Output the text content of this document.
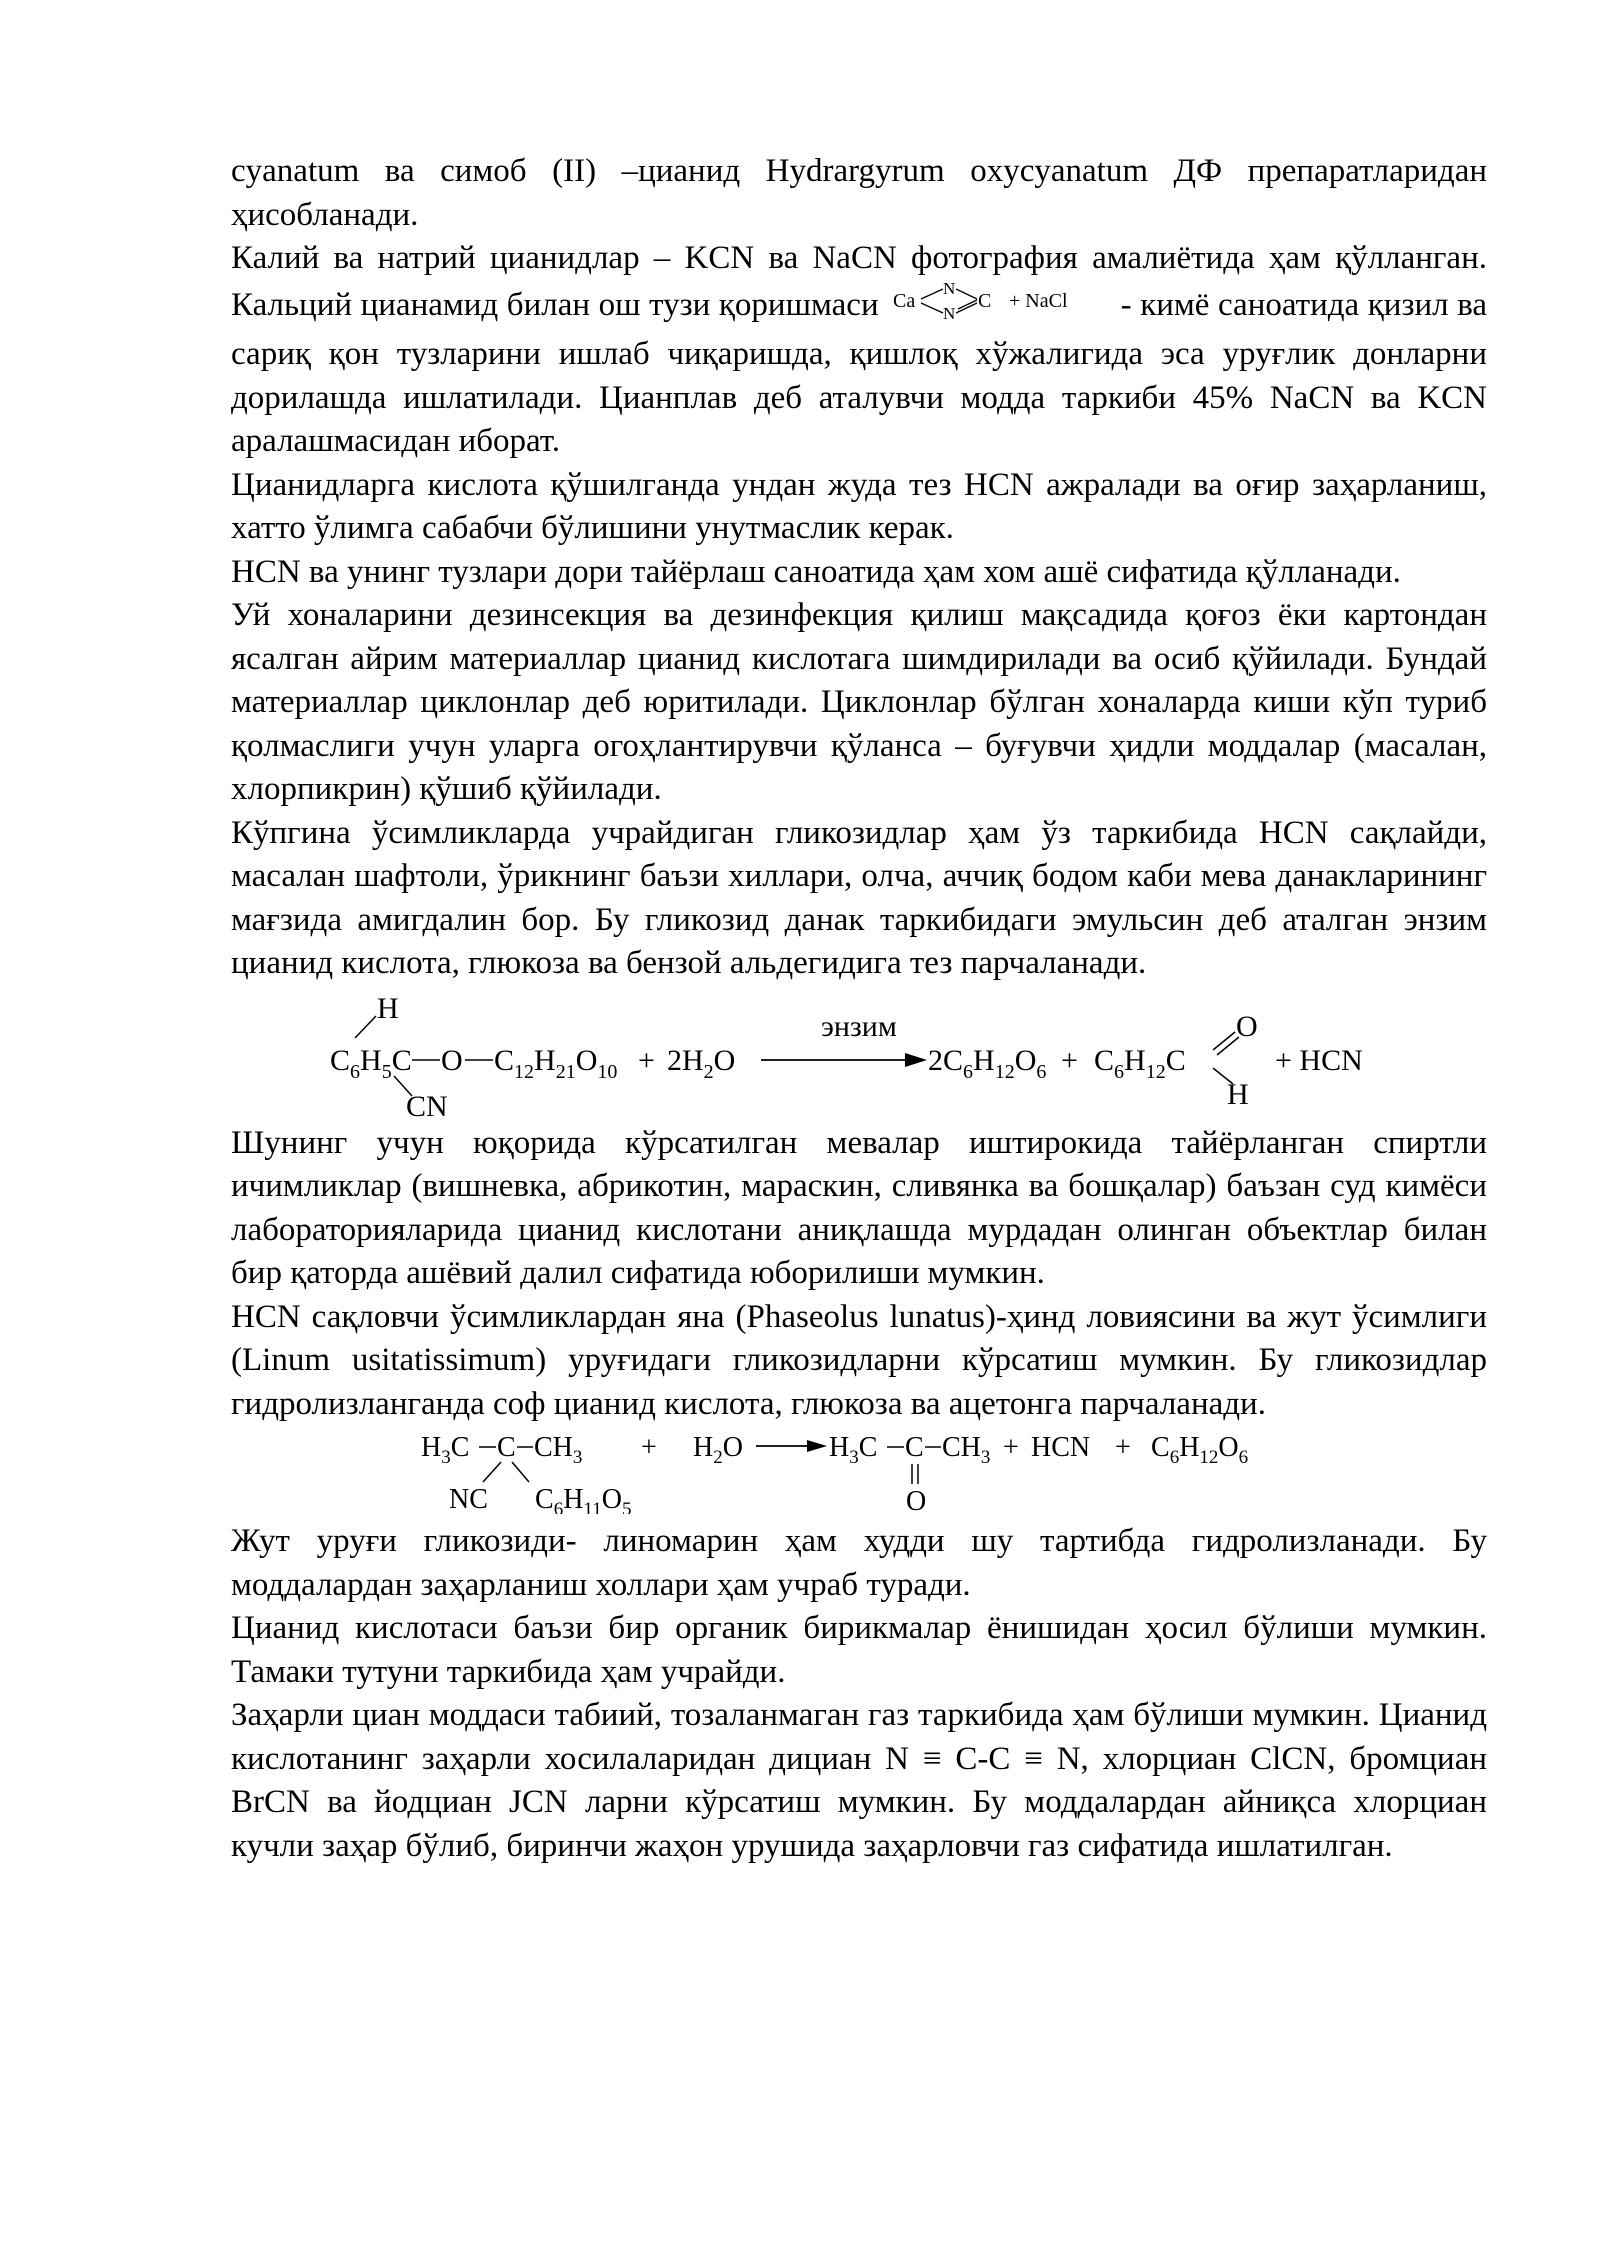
cyanatum ва симоб (II) –цианид Hydrargyrum oxycyanatum ДФ препаратларидан ҳисобланади.

Калий ва натрий цианидлар – KCN ва NaCN фотография амалиётида ҳам қўлланган. Кальций цианамид билан ош тузи қоришмаси Ca
N
N
C + NaCl - кимё саноатида қизил ва сариқ қон тузларини ишлаб чиқаришда, қишлоқ хўжалигида эса уруғлик донларни дорилашда ишлатилади. Цианплав деб аталувчи модда таркиби 45% NaCN ва KCN аралашмасидан иборат.

Цианидларга кислота қўшилганда ундан жуда тез HCN ажралади ва оғир заҳарланиш, хатто ўлимга сабабчи бўлишини унутмаслик керак.

HCN ва унинг тузлари дори тайёрлаш саноатида ҳам хом ашё сифатида қўлланади.

Уй хоналарини дезинсекция ва дезинфекция қилиш мақсадида қоғоз ёки картондан ясалган айрим материаллар цианид кислотага шимдирилади ва осиб қўйилади. Бундай материаллар циклонлар деб юритилади. Циклонлар бўлган хоналарда киши кўп туриб қолмаслиги учун уларга огоҳлантирувчи қўланса – буғувчи ҳидли моддалар (масалан, хлорпикрин) қўшиб қўйилади.

Кўпгина ўсимликларда учрайдиган гликозидлар ҳам ўз таркибида HCN сақлайди, масалан шафтоли, ўрикнинг баъзи хиллари, олча, аччиқ бодом каби мева данакларининг мағзида амигдалин бор. Бу гликозид данак таркибидаги эмульсин деб аталган энзим цианид кислота, глюкоза ва бензой альдегидига тез парчаланади.

H
$C_6H_5C$ O $C_{12}H_{21}O_{10}$
CN
+ $2H_2O$
энзим
$2C_6H_{12}O_6 + C_6H_{12}C$
O
H
+ HCN

Шунинг учун юқорида кўрсатилган мевалар иштирокида тайёрланган спиртли ичимликлар (вишневка, абрикотин, мараскин, сливянка ва бошқалар) баъзан суд кимёси лабораторияларида цианид кислотани аниқлашда мурдадан олинган объектлар билан бир қаторда ашёвий далил сифатида юборилиши мумкин.

HCN сақловчи ўсимликлардан яна (Phaseolus lunatus)-ҳинд ловиясини ва жут ўсимлиги (Linum usitatissimum) уруғидаги гликозидларни кўрсатиш мумкин. Бу гликозидлар гидролизланганда соф цианид кислота, глюкоза ва ацетонга парчаланади.

$H_3C$ C $CH_3$
NC $C_6H_{11}O_5$
+ $H_2O$	$H_3C$ C $CH_3$
O
+ HCN + $C_6H_{12}O_6$

Жут уруғи гликозиди- линомарин ҳам худди шу тартибда гидролизланади. Бу моддалардан заҳарланиш холлари ҳам учраб туради.

Цианид кислотаси баъзи бир органик бирикмалар ёнишидан ҳосил бўлиши мумкин. Тамаки тутуни таркибида ҳам учрайди.

Заҳарли циан моддаси табиий, тозаланмаган газ таркибида ҳам бўлиши мумкин. Цианид кислотанинг заҳарли хосилаларидан дициан N ≡ C-C ≡ N, хлорциан ClCN, бромциан BrCN ва йодциан JCN ларни кўрсатиш мумкин. Бу моддалардан айниқса хлорциан кучли заҳар бўлиб, биринчи жаҳон урушида заҳарловчи газ сифатида ишлатилган.
